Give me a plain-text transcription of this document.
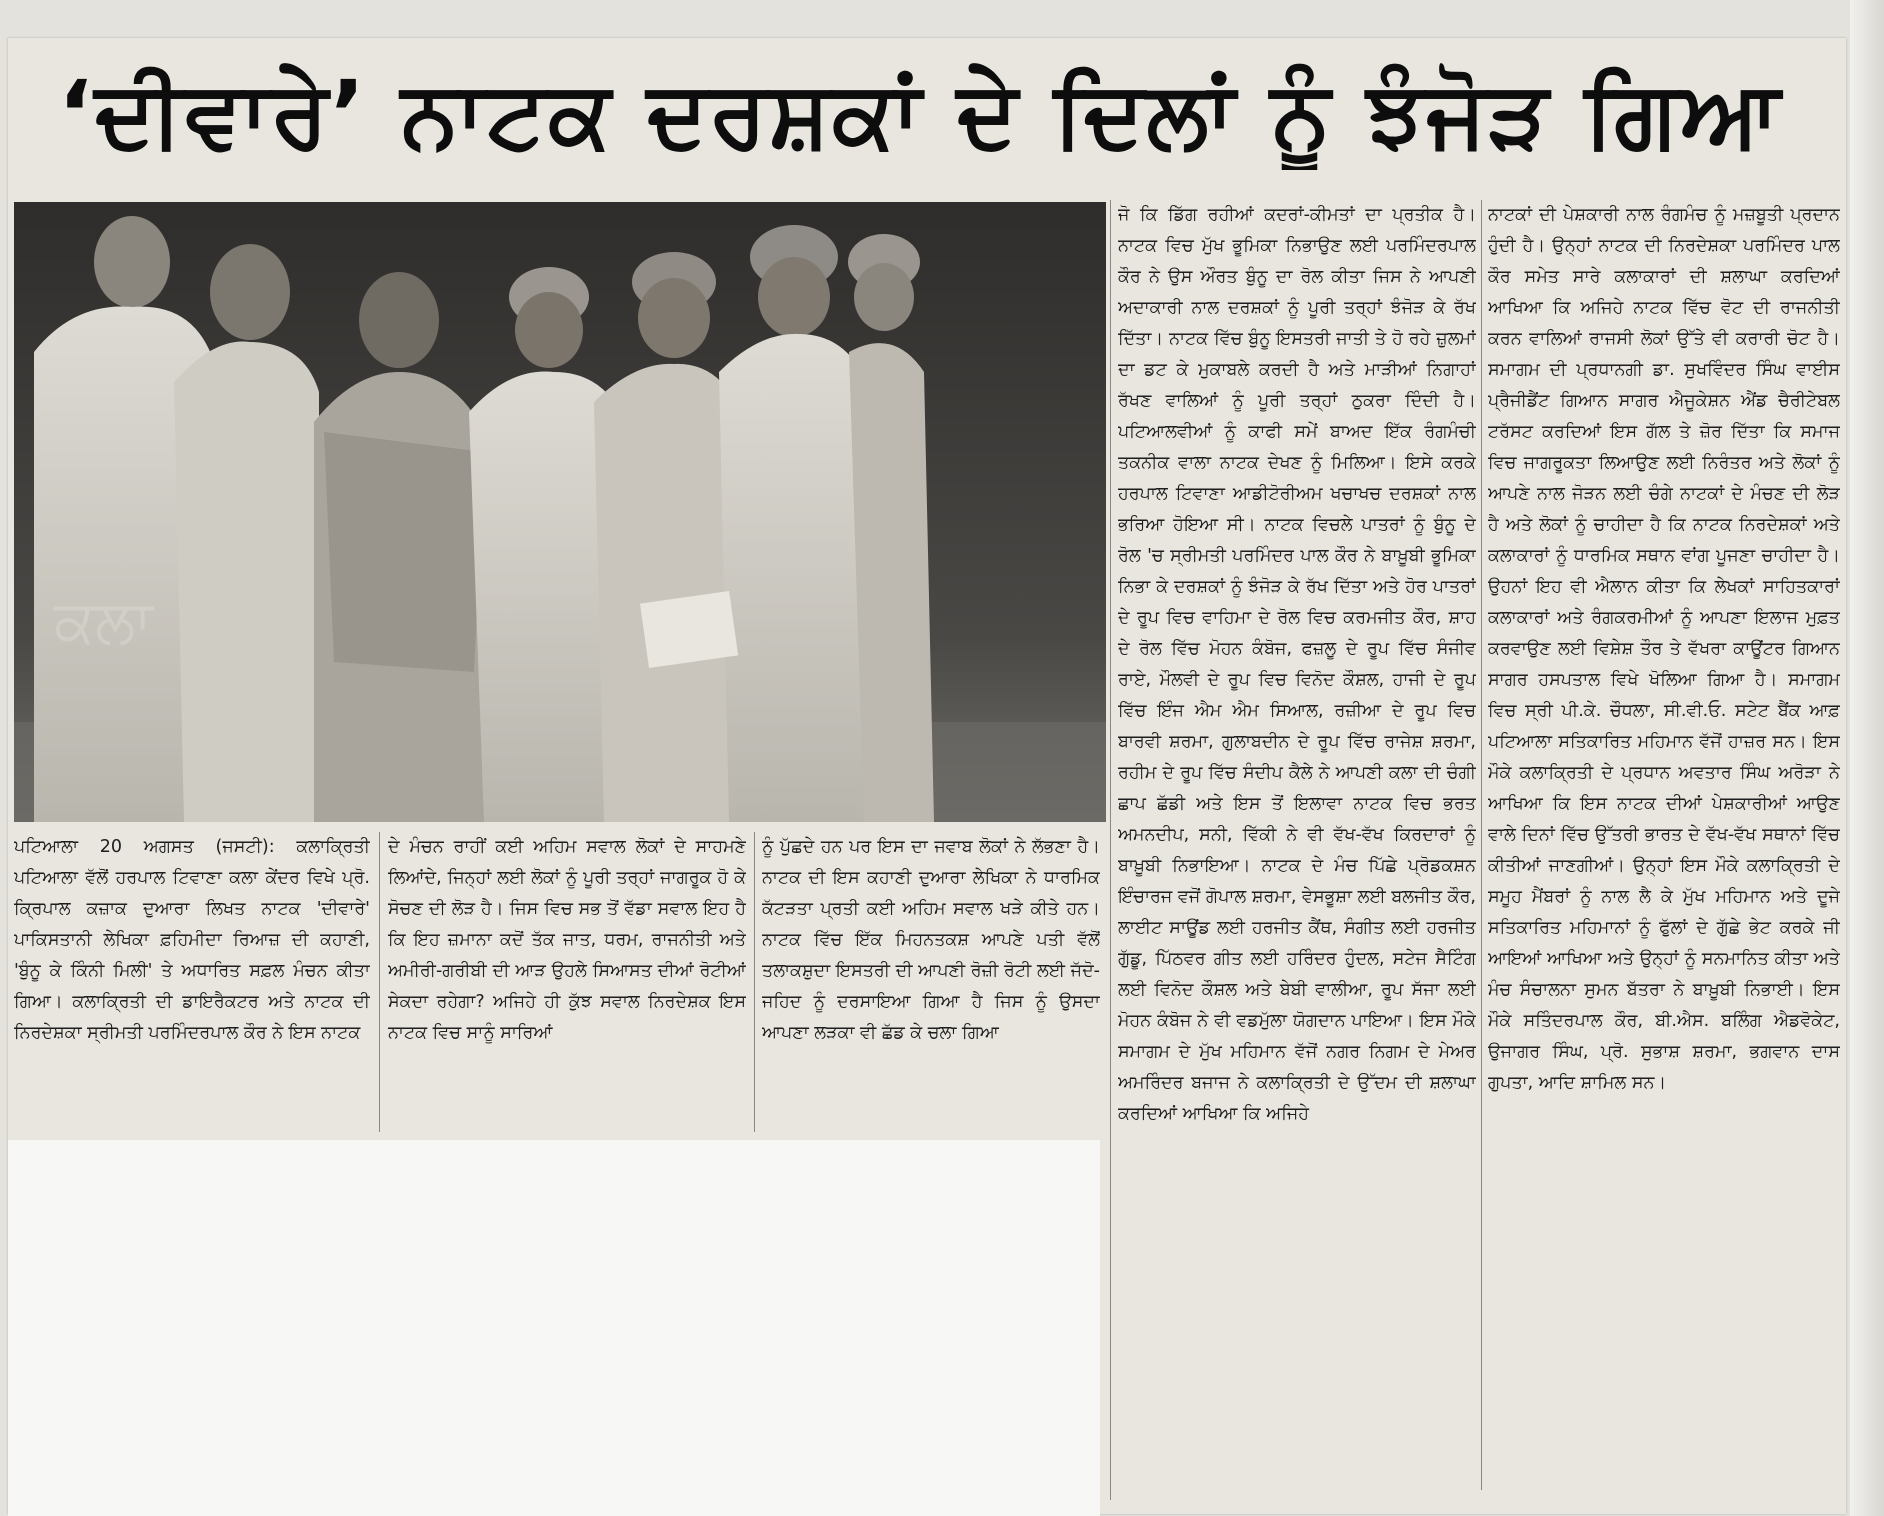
‘ਦੀਵਾਰੇ’ ਨਾਟਕ ਦਰਸ਼ਕਾਂ ਦੇ ਦਿਲਾਂ ਨੂੰ ਝੰਜੋੜ ਗਿਆ
ਕਲਾ
ਪਟਿਆਲਾ 20 ਅਗਸਤ (ਜਸਟੀ): ਕਲਾਕ੍ਰਿਤੀ ਪਟਿਆਲਾ ਵੱਲੋਂ ਹਰਪਾਲ ਟਿਵਾਣਾ ਕਲਾ ਕੇਂਦਰ ਵਿਖੇ ਪ੍ਰੋ. ਕ੍ਰਿਪਾਲ ਕਜ਼ਾਕ ਦੁਆਰਾ ਲਿਖਤ ਨਾਟਕ 'ਦੀਵਾਰੇ' ਪਾਕਿਸਤਾਨੀ ਲੇਖਿਕਾ ਫ਼ਹਿਮੀਦਾ ਰਿਆਜ਼ ਦੀ ਕਹਾਣੀ, 'ਬੁੰਨੂ ਕੇ ਕਿੰਨੀ ਮਿਲੀ' ਤੇ ਅਧਾਰਿਤ ਸਫ਼ਲ ਮੰਚਨ ਕੀਤਾ ਗਿਆ। ਕਲਾਕ੍ਰਿਤੀ ਦੀ ਡਾਇਰੈਕਟਰ ਅਤੇ ਨਾਟਕ ਦੀ ਨਿਰਦੇਸ਼ਕਾ ਸ੍ਰੀਮਤੀ ਪਰਮਿੰਦਰਪਾਲ ਕੌਰ ਨੇ ਇਸ ਨਾਟਕ
ਦੇ ਮੰਚਨ ਰਾਹੀਂ ਕਈ ਅਹਿਮ ਸਵਾਲ ਲੋਕਾਂ ਦੇ ਸਾਹਮਣੇ ਲਿਆਂਦੇ, ਜਿਨ੍ਹਾਂ ਲਈ ਲੋਕਾਂ ਨੂੰ ਪੂਰੀ ਤਰ੍ਹਾਂ ਜਾਗਰੂਕ ਹੋ ਕੇ ਸੋਚਣ ਦੀ ਲੋੜ ਹੈ। ਜਿਸ ਵਿਚ ਸਭ ਤੋਂ ਵੱਡਾ ਸਵਾਲ ਇਹ ਹੈ ਕਿ ਇਹ ਜ਼ਮਾਨਾ ਕਦੋਂ ਤੱਕ ਜਾਤ, ਧਰਮ, ਰਾਜਨੀਤੀ ਅਤੇ ਅਮੀਰੀ-ਗਰੀਬੀ ਦੀ ਆੜ ਉਹਲੇ ਸਿਆਸਤ ਦੀਆਂ ਰੋਟੀਆਂ ਸੇਕਦਾ ਰਹੇਗਾ? ਅਜਿਹੇ ਹੀ ਕੁੱਝ ਸਵਾਲ ਨਿਰਦੇਸ਼ਕ ਇਸ ਨਾਟਕ ਵਿਚ ਸਾਨੂੰ ਸਾਰਿਆਂ
ਨੂੰ ਪੁੱਛਦੇ ਹਨ ਪਰ ਇਸ ਦਾ ਜਵਾਬ ਲੋਕਾਂ ਨੇ ਲੱਭਣਾ ਹੈ। ਨਾਟਕ ਦੀ ਇਸ ਕਹਾਣੀ ਦੁਆਰਾ ਲੇਖਿਕਾ ਨੇ ਧਾਰਮਿਕ ਕੱਟੜਤਾ ਪ੍ਰਤੀ ਕਈ ਅਹਿਮ ਸਵਾਲ ਖੜੇ ਕੀਤੇ ਹਨ। ਨਾਟਕ ਵਿੱਚ ਇੱਕ ਮਿਹਨਤਕਸ਼ ਆਪਣੇ ਪਤੀ ਵੱਲੋਂ ਤਲਾਕਸ਼ੁਦਾ ਇਸਤਰੀ ਦੀ ਆਪਣੀ ਰੋਜ਼ੀ ਰੋਟੀ ਲਈ ਜੱਦੋ-ਜਹਿਦ ਨੂੰ ਦਰਸਾਇਆ ਗਿਆ ਹੈ ਜਿਸ ਨੂੰ ਉਸਦਾ ਆਪਣਾ ਲੜਕਾ ਵੀ ਛੱਡ ਕੇ ਚਲਾ ਗਿਆ
ਜੋ ਕਿ ਡਿੱਗ ਰਹੀਆਂ ਕਦਰਾਂ-ਕੀਮਤਾਂ ਦਾ ਪ੍ਰਤੀਕ ਹੈ। ਨਾਟਕ ਵਿਚ ਮੁੱਖ ਭੂਮਿਕਾ ਨਿਭਾਉਣ ਲਈ ਪਰਮਿੰਦਰਪਾਲ ਕੌਰ ਨੇ ਉਸ ਔਰਤ ਬੁੰਨੂ ਦਾ ਰੋਲ ਕੀਤਾ ਜਿਸ ਨੇ ਆਪਣੀ ਅਦਾਕਾਰੀ ਨਾਲ ਦਰਸ਼ਕਾਂ ਨੂੰ ਪੂਰੀ ਤਰ੍ਹਾਂ ਝੰਜੋੜ ਕੇ ਰੱਖ ਦਿੱਤਾ। ਨਾਟਕ ਵਿੱਚ ਬੁੰਨੂ ਇਸਤਰੀ ਜਾਤੀ ਤੇ ਹੋ ਰਹੇ ਜ਼ੁਲਮਾਂ ਦਾ ਡਟ ਕੇ ਮੁਕਾਬਲੇ ਕਰਦੀ ਹੈ ਅਤੇ ਮਾੜੀਆਂ ਨਿਗਾਹਾਂ ਰੱਖਣ ਵਾਲਿਆਂ ਨੂੰ ਪੂਰੀ ਤਰ੍ਹਾਂ ਠੁਕਰਾ ਦਿੰਦੀ ਹੈ। ਪਟਿਆਲਵੀਆਂ ਨੂੰ ਕਾਫੀ ਸਮੇਂ ਬਾਅਦ ਇੱਕ ਰੰਗਮੰਚੀ ਤਕਨੀਕ ਵਾਲਾ ਨਾਟਕ ਦੇਖਣ ਨੂੰ ਮਿਲਿਆ। ਇਸੇ ਕਰਕੇ ਹਰਪਾਲ ਟਿਵਾਣਾ ਆਡੀਟੋਰੀਅਮ ਖਚਾਖਚ ਦਰਸ਼ਕਾਂ ਨਾਲ ਭਰਿਆ ਹੋਇਆ ਸੀ। ਨਾਟਕ ਵਿਚਲੇ ਪਾਤਰਾਂ ਨੂੰ ਬੁੰਨੂ ਦੇ ਰੋਲ 'ਚ ਸ੍ਰੀਮਤੀ ਪਰਮਿੰਦਰ ਪਾਲ ਕੌਰ ਨੇ ਬਾਖ਼ੂਬੀ ਭੂਮਿਕਾ ਨਿਭਾ ਕੇ ਦਰਸ਼ਕਾਂ ਨੂੰ ਝੰਜੋੜ ਕੇ ਰੱਖ ਦਿੱਤਾ ਅਤੇ ਹੋਰ ਪਾਤਰਾਂ ਦੇ ਰੂਪ ਵਿਚ ਵਾਹਿਮਾ ਦੇ ਰੋਲ ਵਿਚ ਕਰਮਜੀਤ ਕੌਰ, ਸ਼ਾਹ ਦੇ ਰੋਲ ਵਿੱਚ ਮੋਹਨ ਕੰਬੋਜ, ਫਜ਼ਲੂ ਦੇ ਰੂਪ ਵਿੱਚ ਸੰਜੀਵ ਰਾਏ, ਮੌਲਵੀ ਦੇ ਰੂਪ ਵਿਚ ਵਿਨੋਦ ਕੌਸ਼ਲ, ਹਾਜੀ ਦੇ ਰੂਪ ਵਿੱਚ ਇੰਜ ਐਮ ਐਮ ਸਿਆਲ, ਰਜ਼ੀਆ ਦੇ ਰੂਪ ਵਿਚ ਬਾਰਵੀ ਸ਼ਰਮਾ, ਗੁਲਾਬਦੀਨ ਦੇ ਰੂਪ ਵਿੱਚ ਰਾਜੇਸ਼ ਸ਼ਰਮਾ, ਰਹੀਮ ਦੇ ਰੂਪ ਵਿੱਚ ਸੰਦੀਪ ਕੈਲੇ ਨੇ ਆਪਣੀ ਕਲਾ ਦੀ ਚੰਗੀ ਛਾਪ ਛੱਡੀ ਅਤੇ ਇਸ ਤੋਂ ਇਲਾਵਾ ਨਾਟਕ ਵਿਚ ਭਰਤ ਅਮਨਦੀਪ, ਸਨੀ, ਵਿੱਕੀ ਨੇ ਵੀ ਵੱਖ-ਵੱਖ ਕਿਰਦਾਰਾਂ ਨੂੰ ਬਾਖ਼ੂਬੀ ਨਿਭਾਇਆ। ਨਾਟਕ ਦੇ ਮੰਚ ਪਿੱਛੇ ਪ੍ਰੋਡਕਸ਼ਨ ਇੰਚਾਰਜ ਵਜੋਂ ਗੋਪਾਲ ਸ਼ਰਮਾ, ਵੇਸਭੂਸ਼ਾ ਲਈ ਬਲਜੀਤ ਕੌਰ, ਲਾਈਟ ਸਾਊਂਡ ਲਈ ਹਰਜੀਤ ਕੈਂਥ, ਸੰਗੀਤ ਲਈ ਹਰਜੀਤ ਗੁੱਡੂ, ਪਿੱਠਵਰ ਗੀਤ ਲਈ ਹਰਿੰਦਰ ਹੁੰਦਲ, ਸਟੇਜ ਸੈਟਿੰਗ ਲਈ ਵਿਨੋਦ ਕੌਸ਼ਲ ਅਤੇ ਬੇਬੀ ਵਾਲੀਆ, ਰੂਪ ਸੱਜਾ ਲਈ ਮੋਹਨ ਕੰਬੋਜ ਨੇ ਵੀ ਵਡਮੁੱਲਾ ਯੋਗਦਾਨ ਪਾਇਆ। ਇਸ ਮੌਕੇ ਸਮਾਗਮ ਦੇ ਮੁੱਖ ਮਹਿਮਾਨ ਵੱਜੋਂ ਨਗਰ ਨਿਗਮ ਦੇ ਮੇਅਰ ਅਮਰਿੰਦਰ ਬਜਾਜ ਨੇ ਕਲਾਕ੍ਰਿਤੀ ਦੇ ਉੱਦਮ ਦੀ ਸ਼ਲਾਘਾ ਕਰਦਿਆਂ ਆਖਿਆ ਕਿ ਅਜਿਹੇ
ਨਾਟਕਾਂ ਦੀ ਪੇਸ਼ਕਾਰੀ ਨਾਲ ਰੰਗਮੰਚ ਨੂੰ ਮਜ਼ਬੂਤੀ ਪ੍ਰਦਾਨ ਹੁੰਦੀ ਹੈ। ਉਨ੍ਹਾਂ ਨਾਟਕ ਦੀ ਨਿਰਦੇਸ਼ਕਾ ਪਰਮਿੰਦਰ ਪਾਲ ਕੌਰ ਸਮੇਤ ਸਾਰੇ ਕਲਾਕਾਰਾਂ ਦੀ ਸ਼ਲਾਘਾ ਕਰਦਿਆਂ ਆਖਿਆ ਕਿ ਅਜਿਹੇ ਨਾਟਕ ਵਿੱਚ ਵੋਟ ਦੀ ਰਾਜਨੀਤੀ ਕਰਨ ਵਾਲਿਆਂ ਰਾਜਸੀ ਲੋਕਾਂ ਉੱਤੇ ਵੀ ਕਰਾਰੀ ਚੋਟ ਹੈ। ਸਮਾਗਮ ਦੀ ਪ੍ਰਧਾਨਗੀ ਡਾ. ਸੁਖਵਿੰਦਰ ਸਿੰਘ ਵਾਈਸ ਪ੍ਰੈਜੀਡੈਂਟ ਗਿਆਨ ਸਾਗਰ ਐਜੂਕੇਸ਼ਨ ਐਂਡ ਚੈਰੀਟੇਬਲ ਟਰੱਸਟ ਕਰਦਿਆਂ ਇਸ ਗੱਲ ਤੇ ਜ਼ੋਰ ਦਿੱਤਾ ਕਿ ਸਮਾਜ ਵਿਚ ਜਾਗਰੂਕਤਾ ਲਿਆਉਣ ਲਈ ਨਿਰੰਤਰ ਅਤੇ ਲੋਕਾਂ ਨੂੰ ਆਪਣੇ ਨਾਲ ਜੋੜਨ ਲਈ ਚੰਗੇ ਨਾਟਕਾਂ ਦੇ ਮੰਚਣ ਦੀ ਲੋੜ ਹੈ ਅਤੇ ਲੋਕਾਂ ਨੂੰ ਚਾਹੀਦਾ ਹੈ ਕਿ ਨਾਟਕ ਨਿਰਦੇਸ਼ਕਾਂ ਅਤੇ ਕਲਾਕਾਰਾਂ ਨੂੰ ਧਾਰਮਿਕ ਸਥਾਨ ਵਾਂਗ ਪੂਜਣਾ ਚਾਹੀਦਾ ਹੈ। ਉਹਨਾਂ ਇਹ ਵੀ ਐਲਾਨ ਕੀਤਾ ਕਿ ਲੇਖਕਾਂ ਸਾਹਿਤਕਾਰਾਂ ਕਲਾਕਾਰਾਂ ਅਤੇ ਰੰਗਕਰਮੀਆਂ ਨੂੰ ਆਪਣਾ ਇਲਾਜ ਮੁਫ਼ਤ ਕਰਵਾਉਣ ਲਈ ਵਿਸ਼ੇਸ਼ ਤੌਰ ਤੇ ਵੱਖਰਾ ਕਾਊਂਟਰ ਗਿਆਨ ਸਾਗਰ ਹਸਪਤਾਲ ਵਿਖੇ ਖੋਲਿਆ ਗਿਆ ਹੈ। ਸਮਾਗਮ ਵਿਚ ਸ੍ਰੀ ਪੀ.ਕੇ. ਚੌਧਲਾ, ਸੀ.ਵੀ.ਓ. ਸਟੇਟ ਬੈਂਕ ਆਫ਼ ਪਟਿਆਲਾ ਸਤਿਕਾਰਿਤ ਮਹਿਮਾਨ ਵੱਜੋਂ ਹਾਜ਼ਰ ਸਨ। ਇਸ ਮੌਕੇ ਕਲਾਕ੍ਰਿਤੀ ਦੇ ਪ੍ਰਧਾਨ ਅਵਤਾਰ ਸਿੰਘ ਅਰੋੜਾ ਨੇ ਆਖਿਆ ਕਿ ਇਸ ਨਾਟਕ ਦੀਆਂ ਪੇਸ਼ਕਾਰੀਆਂ ਆਉਣ ਵਾਲੇ ਦਿਨਾਂ ਵਿੱਚ ਉੱਤਰੀ ਭਾਰਤ ਦੇ ਵੱਖ-ਵੱਖ ਸਥਾਨਾਂ ਵਿੱਚ ਕੀਤੀਆਂ ਜਾਣਗੀਆਂ। ਉਨ੍ਹਾਂ ਇਸ ਮੌਕੇ ਕਲਾਕ੍ਰਿਤੀ ਦੇ ਸਮੂਹ ਮੈਂਬਰਾਂ ਨੂੰ ਨਾਲ ਲੈ ਕੇ ਮੁੱਖ ਮਹਿਮਾਨ ਅਤੇ ਦੂਜੇ ਸਤਿਕਾਰਿਤ ਮਹਿਮਾਨਾਂ ਨੂੰ ਫੁੱਲਾਂ ਦੇ ਗੁੱਛੇ ਭੇਟ ਕਰਕੇ ਜੀ ਆਇਆਂ ਆਖਿਆ ਅਤੇ ਉਨ੍ਹਾਂ ਨੂੰ ਸਨਮਾਨਿਤ ਕੀਤਾ ਅਤੇ ਮੰਚ ਸੰਚਾਲਨਾ ਸੁਮਨ ਬੱਤਰਾ ਨੇ ਬਾਖ਼ੂਬੀ ਨਿਭਾਈ। ਇਸ ਮੌਕੇ ਸਤਿੰਦਰਪਾਲ ਕੌਰ, ਬੀ.ਐਸ. ਬਲਿੰਗ ਐਡਵੋਕੇਟ, ਉਜਾਗਰ ਸਿੰਘ, ਪ੍ਰੋ. ਸੁਭਾਸ਼ ਸ਼ਰਮਾ, ਭਗਵਾਨ ਦਾਸ ਗੁਪਤਾ, ਆਦਿ ਸ਼ਾਮਿਲ ਸਨ।
